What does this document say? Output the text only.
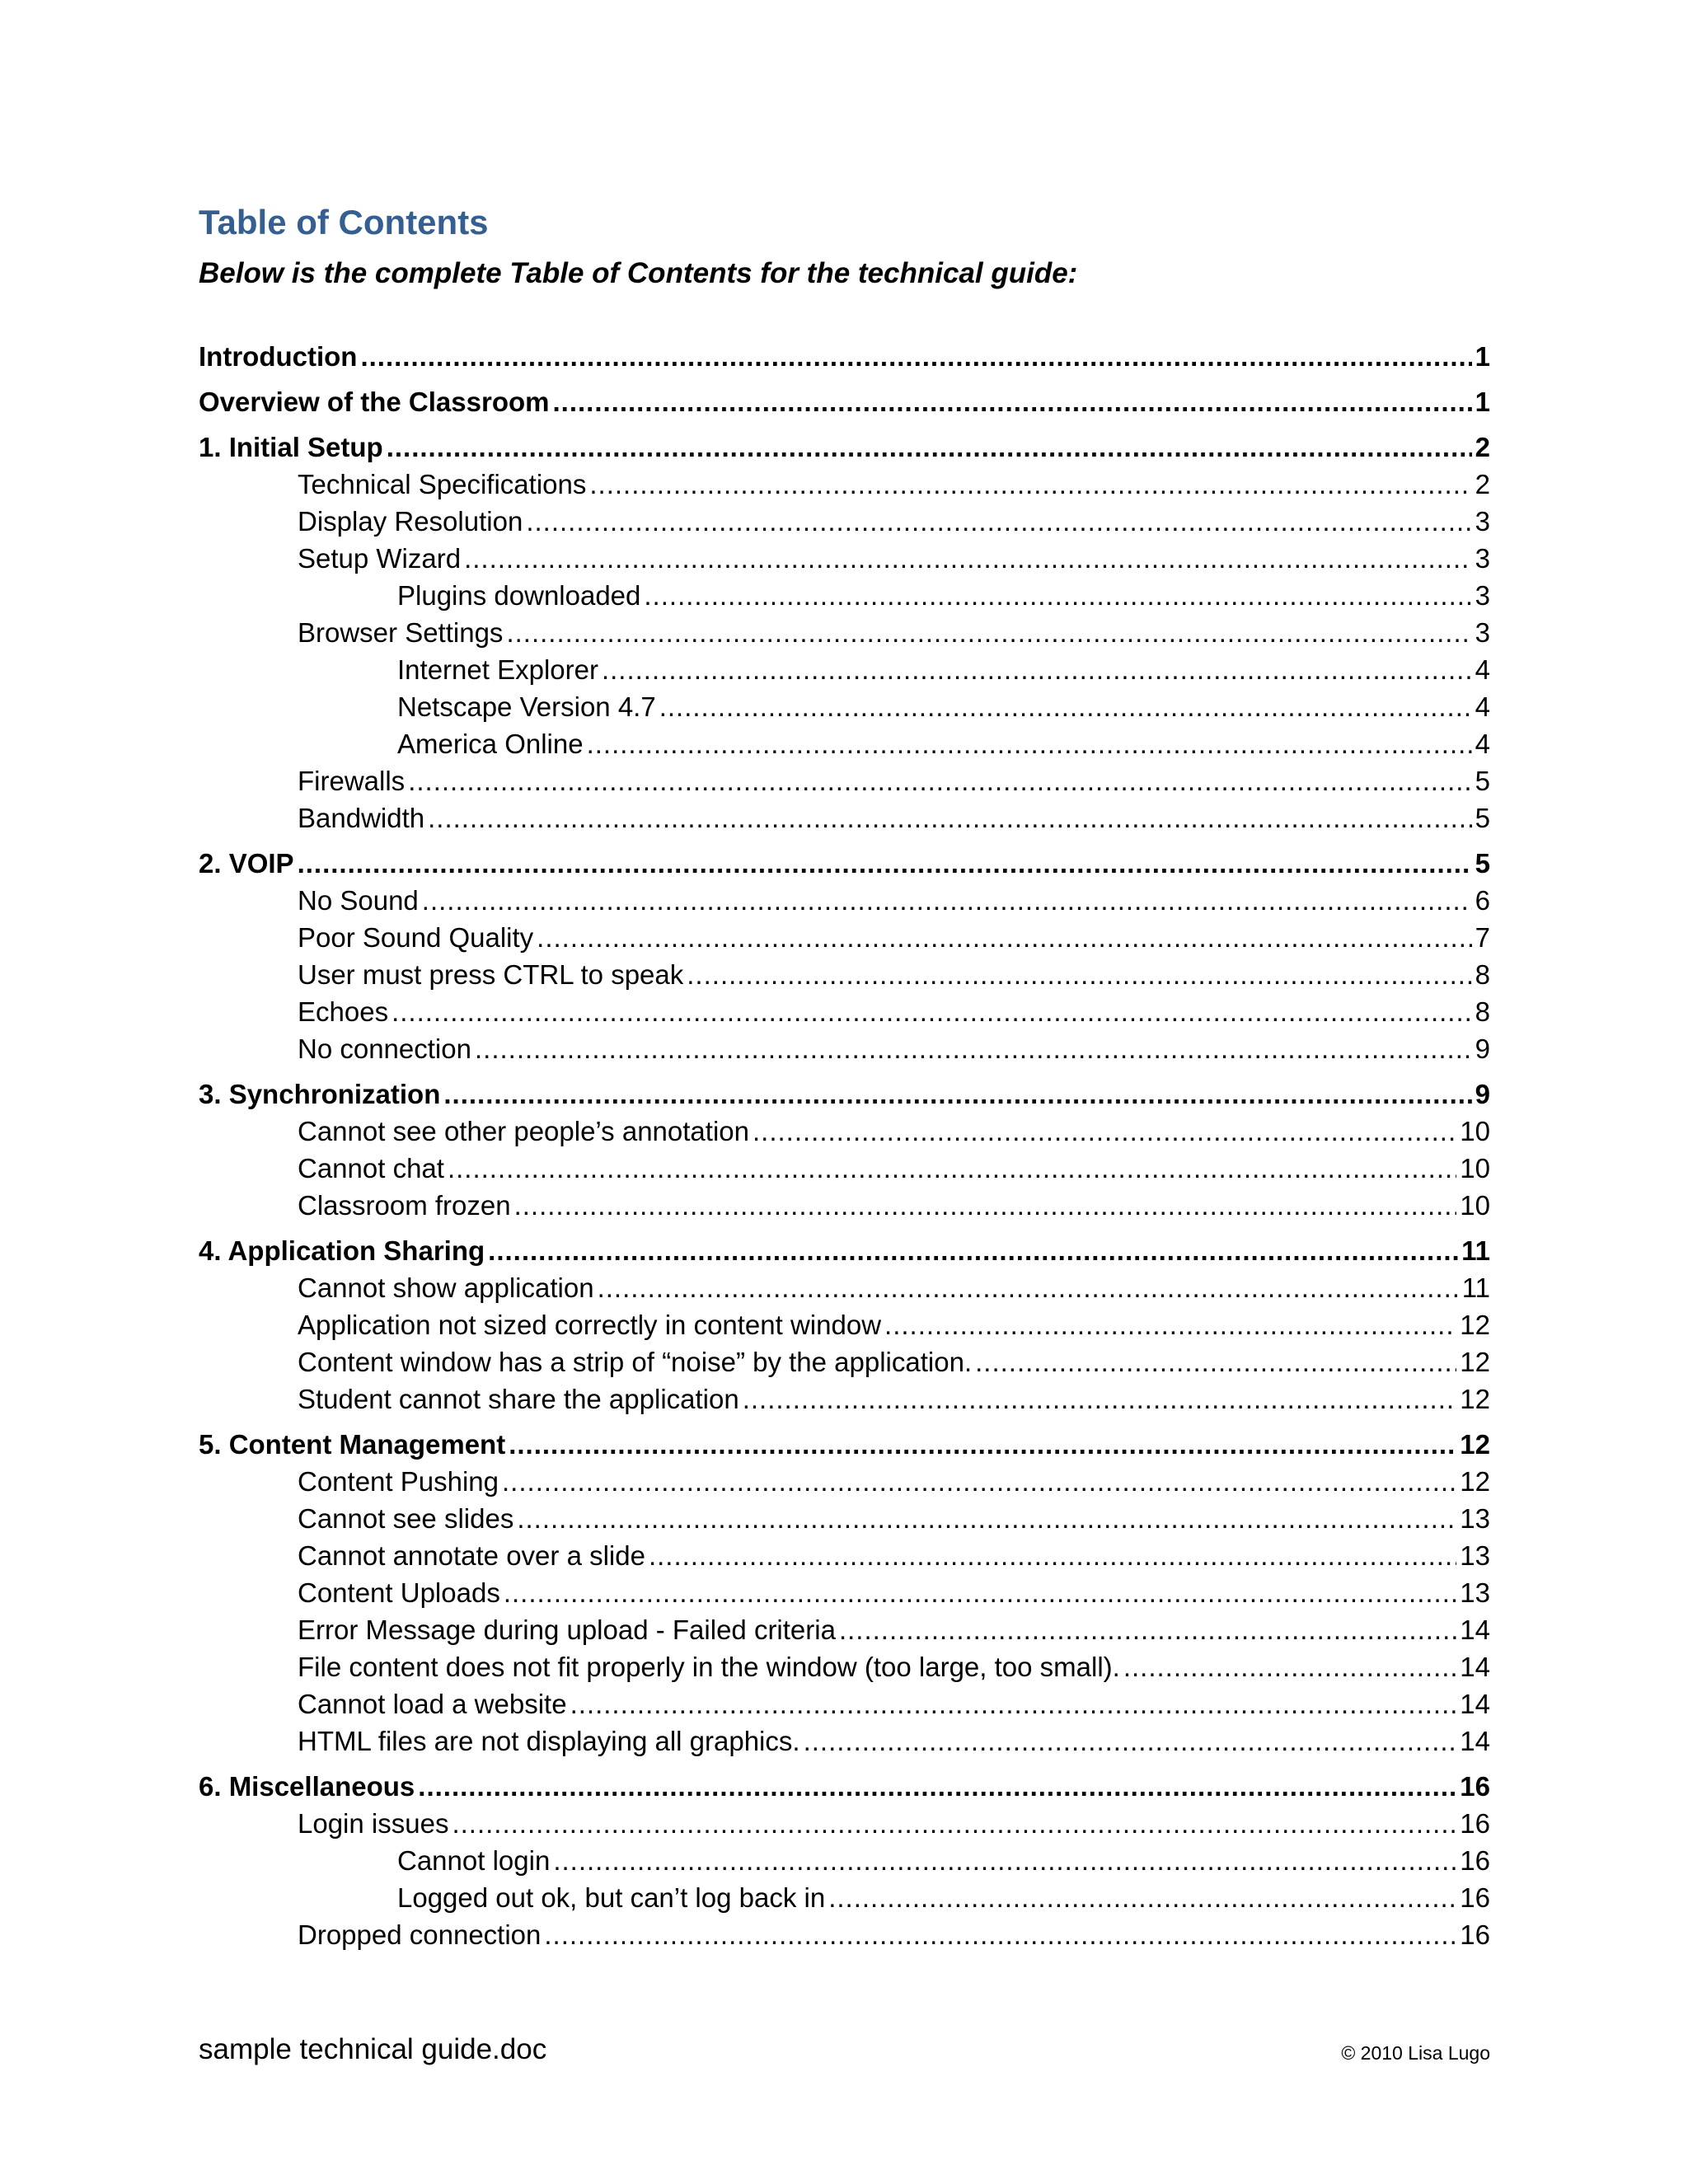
Table of Contents

Below is the complete Table of Contents for the technical guide:

Introduction .....	1
Overview of the Classroom .....	1
1. Initial Setup .....	2
Technical Specifications .....	2
Display Resolution .....	3
Setup Wizard .....	3
Plugins downloaded .....	3
Browser Settings .....	3
Internet Explorer .....	4
Netscape Version 4.7 .....	4
America Online .....	4
Firewalls .....	5
Bandwidth .....	5
2. VOIP .....	5
No Sound .....	6
Poor Sound Quality .....	7
User must press CTRL to speak .....	8
Echoes .....	8
No connection .....	9
3. Synchronization .....	9
Cannot see other people’s annotation .....	10
Cannot chat .....	10
Classroom frozen .....	10
4. Application Sharing .....	11
Cannot show application .....	11
Application not sized correctly in content window .....	12
Content window has a strip of “noise” by the application. .....	12
Student cannot share the application .....	12
5. Content Management .....	12
Content Pushing .....	12
Cannot see slides .....	13
Cannot annotate over a slide .....	13
Content Uploads .....	13
Error Message during upload - Failed criteria .....	14
File content does not fit properly in the window (too large, too small). .....	14
Cannot load a website .....	14
HTML files are not displaying all graphics. .....	14
6. Miscellaneous .....	16
Login issues .....	16
Cannot login .....	16
Logged out ok, but can’t log back in .....	16
Dropped connection .....	16
sample technical guide.doc	© 2010 Lisa Lugo
